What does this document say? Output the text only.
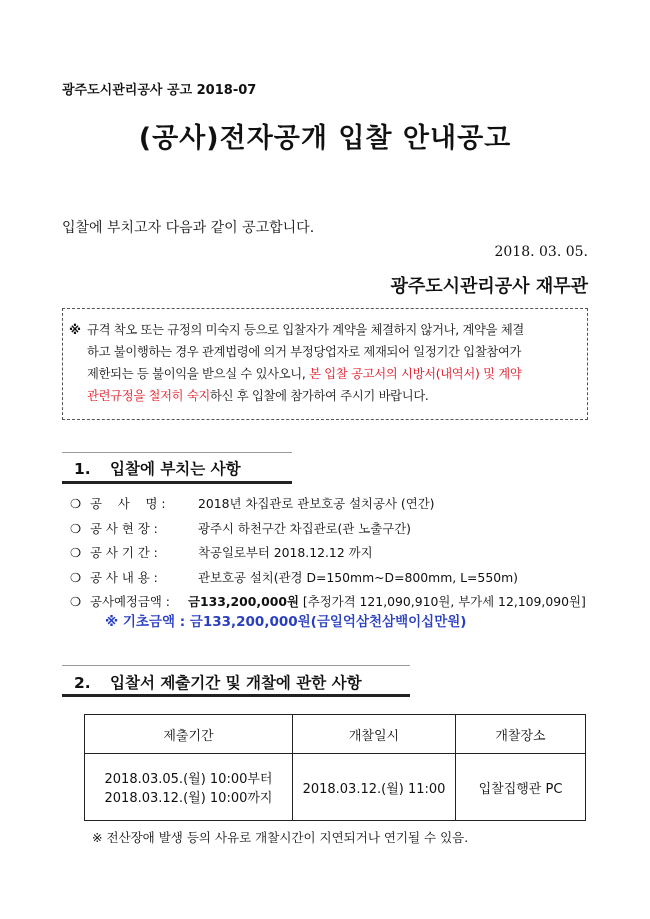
광주도시관리공사 공고 2018-07
(공사)전자공개 입찰 안내공고
입찰에 부치고자 다음과 같이 공고합니다.
2018. 03. 05.
광주도시관리공사 재무관
※ 규격 착오 또는 규정의 미숙지 등으로 입찰자가 계약을 체결하지 않거나, 계약을 체결
하고 불이행하는 경우 관계법령에 의거 부정당업자로 제재되어 일정기간 입찰참여가
제한되는 등 불이익을 받으실 수 있사오니, 본 입찰 공고서의 시방서(내역서) 및 계약
관련규정을 철저히 숙지하신 후 입찰에 참가하여 주시기 바랍니다.
1. 입찰에 부치는 사항
❍ 공    사    명 :	2018년 차집관로 관보호공 설치공사 (연간)
❍ 공 사 현 장 :	광주시 하천구간 차집관로(관 노출구간)
❍ 공 사 기 간 :	착공일로부터 2018.12.12 까지
❍ 공 사 내 용 :	관보호공 설치(관경 D=150mm~D=800mm, L=550m)
❍ 공사예정금액 : 금133,200,000원 [추정가격 121,090,910원, 부가세 12,109,090원]
※ 기초금액 : 금133,200,000원(금일억삼천삼백이십만원)
2. 입찰서 제출기간 및 개찰에 관한 사항
제출기간	개찰일시	개찰장소

2018.03.05.(월) 10:00부터
2018.03.12.(월) 10:00까지	2018.03.12.(월) 11:00	입찰집행관 PC
※ 전산장애 발생 등의 사유로 개찰시간이 지연되거나 연기될 수 있음.
